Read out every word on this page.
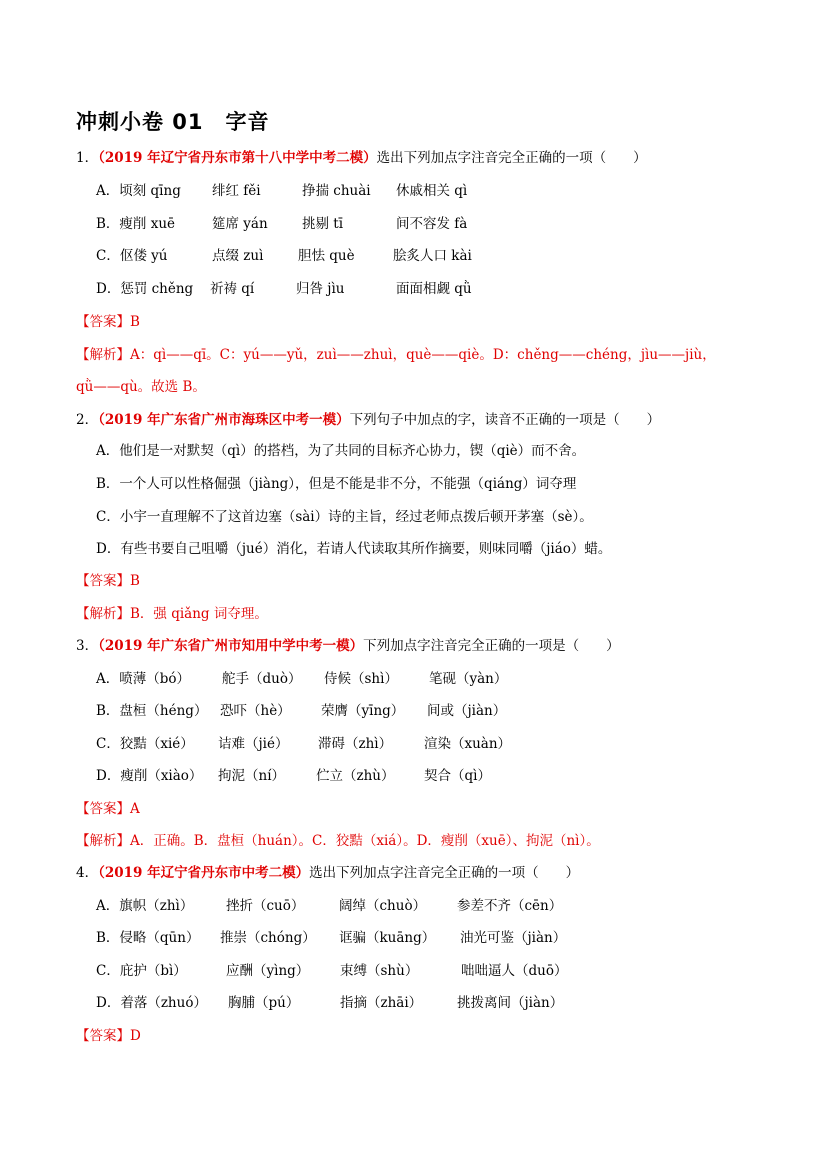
冲刺小卷 01　字音
1．（2019 年辽宁省丹东市第十八中学中考二模）选出下列加点字注音完全正确的一项（　　）
A．顷刻 qīng 绯红 fěi	挣揣 chuài 休戚相关 qì
B．瘦削 xuē	筵席 yán	挑剔 tī	间不容发 fà
C．伛偻 yú	点缀 zuì	胆怯 què	脍炙人口 kài
D．惩罚 chěng 祈祷 qí	归咎 jìu	面面相觑 qǜ
【答案】B
【解析】A：qì——qī。C：yú——yǔ，zuì——zhuì，què——qiè。D：chěng——chéng，jìu——jiù，
qǜ——qù。故选 B。
2．（2019 年广东省广州市海珠区中考一模）下列句子中加点的字，读音不正确的一项是（　　）
A．他们是一对默契（qì）的搭档，为了共同的目标齐心协力，锲（qiè）而不舍。
B．一个人可以性格倔强（jiàng），但是不能是非不分，不能强（qiáng）词夺理
C．小宇一直理解不了这首边塞（sài）诗的主旨，经过老师点拨后顿开茅塞（sè）。
D．有些书要自己咀嚼（jué）消化，若请人代读取其所作摘要，则味同嚼（jiáo）蜡。
【答案】B
【解析】B．强 qiǎng 词夺理。
3．（2019 年广东省广州市知用中学中考一模）下列加点字注音完全正确的一项是（　　）
A．喷薄（bó） 舵手（duò） 侍候（shì） 笔砚（yàn）
B．盘桓（héng） 恐吓（hè） 荣膺（yīng） 间或（jiàn）
C．狡黠（xié） 诘难（jié） 滞碍（zhì） 渲染（xuàn）
D．瘦削（xiào） 拘泥（ní） 伫立（zhù） 契合（qì）
【答案】A
【解析】A．正确。B．盘桓（huán）。C．狡黠（xiá）。D．瘦削（xuē）、拘泥（nì）。
4．（2019 年辽宁省丹东市中考二模）选出下列加点字注音完全正确的一项（　　）
A．旗帜（zhì） 挫折（cuō）	阔绰（chuò） 参差不齐（cēn）
B．侵略（qūn） 推崇（chóng） 诓骗（kuāng） 油光可鉴（jiàn）
C．庇护（bì）	应酬（yìng） 束缚（shù）	咄咄逼人（duō）
D．着落（zhuó） 胸脯（pú）	指摘（zhāi）	挑拨离间（jiàn）
【答案】D
